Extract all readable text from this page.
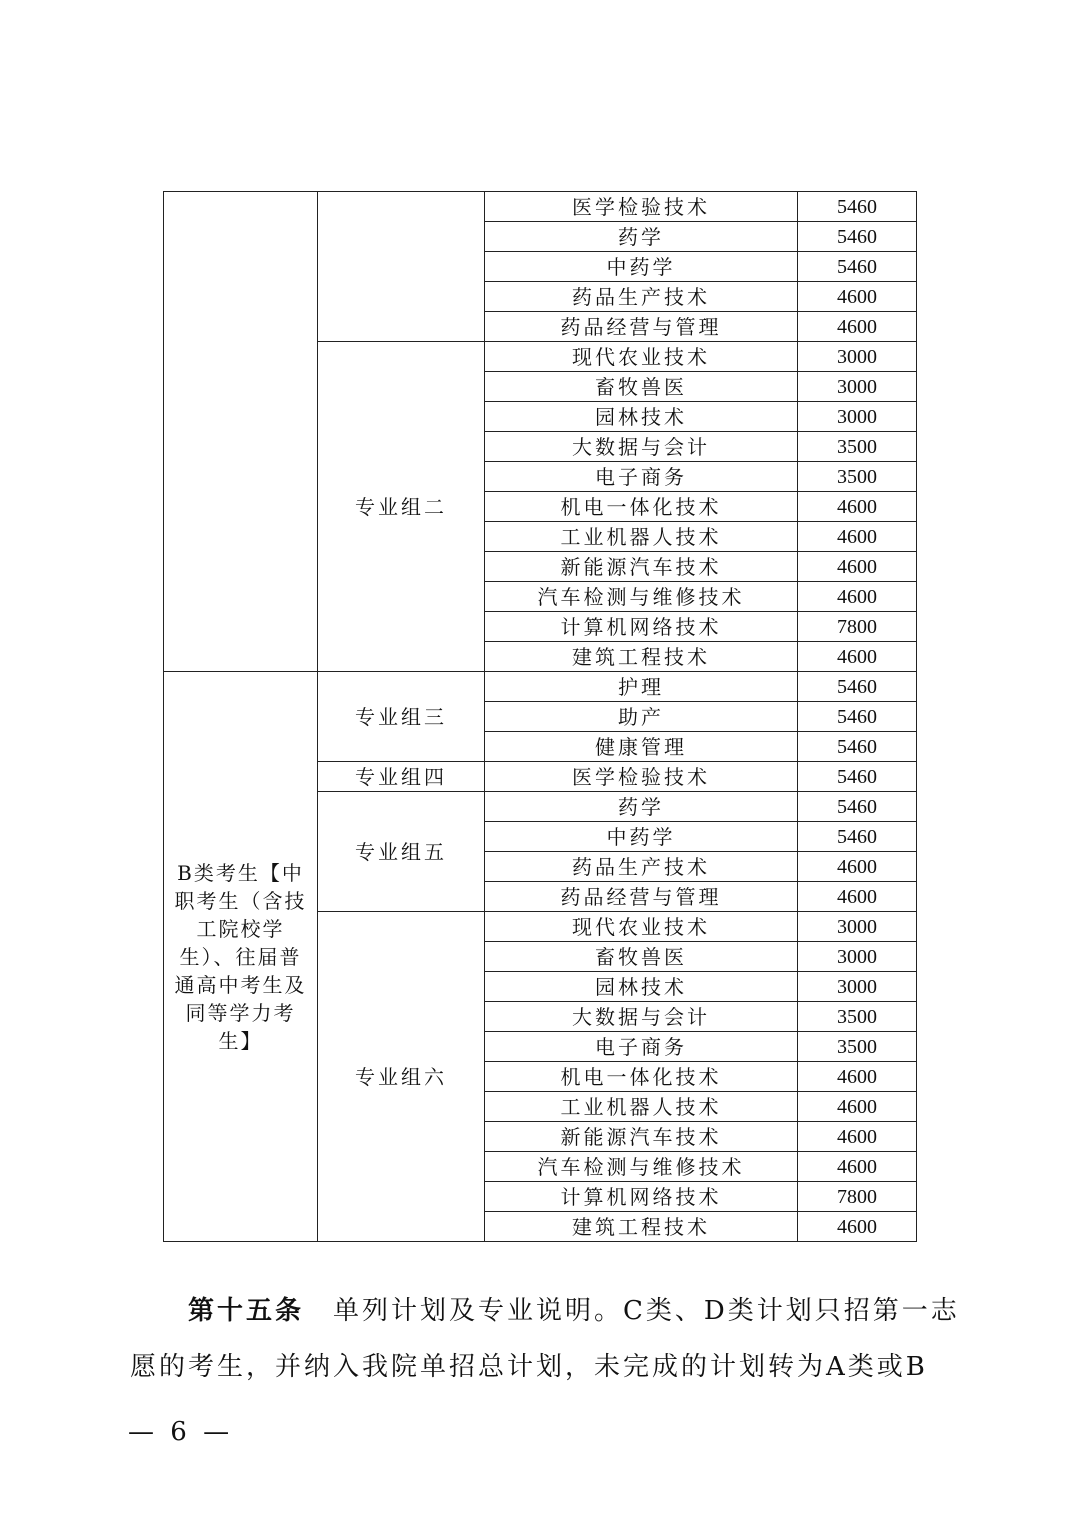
		医学检验技术	5460
		药学	5460
		中药学	5460
		药品生产技术	4600
		药品经营与管理	4600
	专业组二	现代农业技术	3000
		畜牧兽医	3000
		园林技术	3000
		大数据与会计	3500
		电子商务	3500
		机电一体化技术	4600
		工业机器人技术	4600
		新能源汽车技术	4600
		汽车检测与维修技术	4600
		计算机网络技术	7800
		建筑工程技术	4600
B类考生【中职考生（含技工院校学生）、往届普通高中考生及同等学力考生】	专业组三	护理	5460
		助产	5460
		健康管理	5460
	专业组四	医学检验技术	5460
	专业组五	药学	5460
		中药学	5460
		药品生产技术	4600
		药品经营与管理	4600
	专业组六	现代农业技术	3000
		畜牧兽医	3000
		园林技术	3000
		大数据与会计	3500
		电子商务	3500
		机电一体化技术	4600
		工业机器人技术	4600
		新能源汽车技术	4600
		汽车检测与维修技术	4600
		计算机网络技术	7800
		建筑工程技术	4600
第十五条　 单列计划及专业说明。C类、D类计划只招第一志
愿的考生，并纳入我院单招总计划，未完成的计划转为A类或B
— 6 —
